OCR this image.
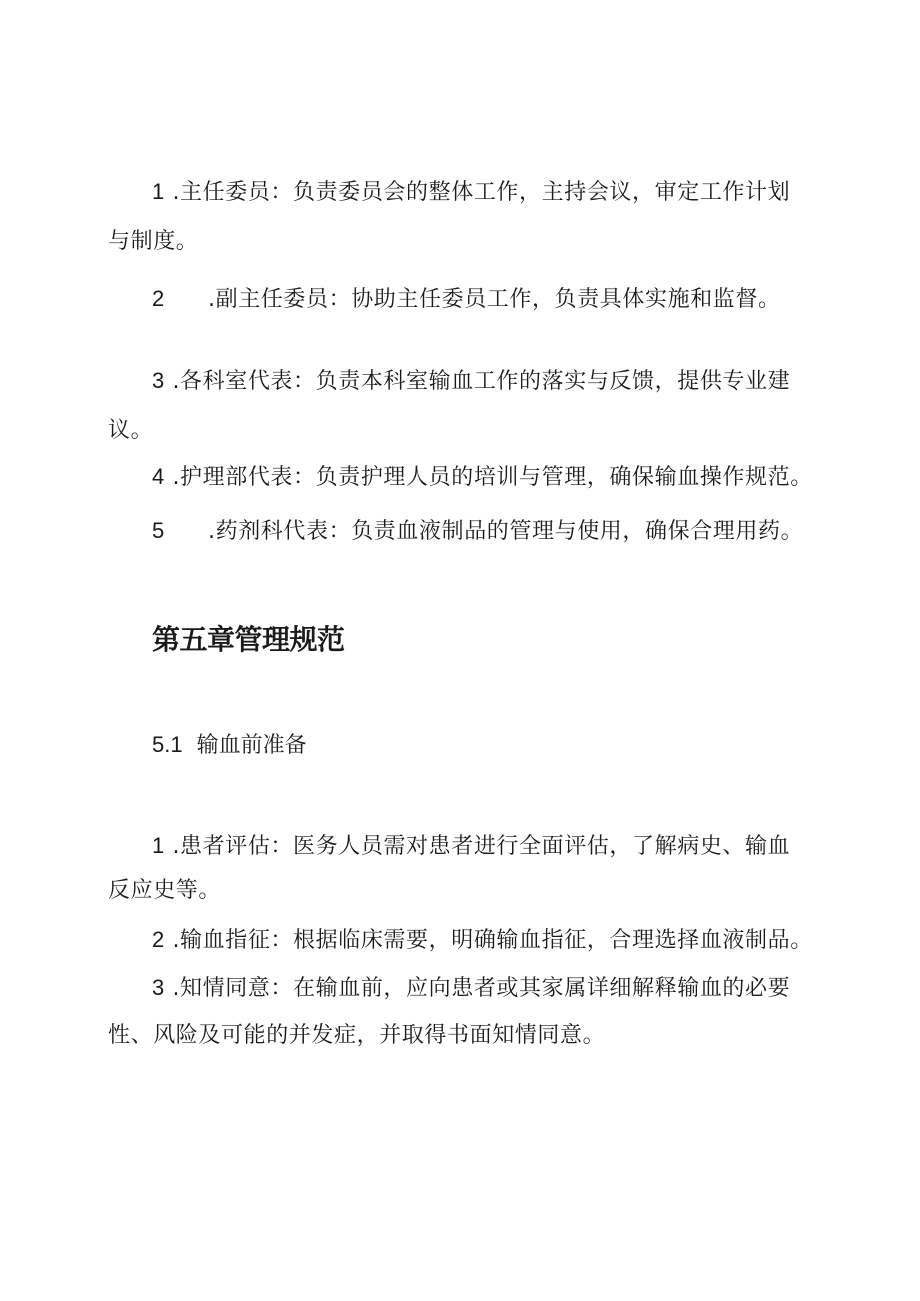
1 .主任委员：负责委员会的整体工作，主持会议，审定工作计划
与制度。
2 .副主任委员：协助主任委员工作，负责具体实施和监督。
3 .各科室代表：负责本科室输血工作的落实与反馈，提供专业建
议。
4 .护理部代表：负责护理人员的培训与管理，确保输血操作规范。
5 .药剂科代表：负责血液制品的管理与使用，确保合理用药。
第五章管理规范
5.1 输血前准备
1 .患者评估：医务人员需对患者进行全面评估，了解病史、输血
反应史等。
2 .输血指征：根据临床需要，明确输血指征，合理选择血液制品。
3 .知情同意：在输血前，应向患者或其家属详细解释输血的必要
性、风险及可能的并发症，并取得书面知情同意。
